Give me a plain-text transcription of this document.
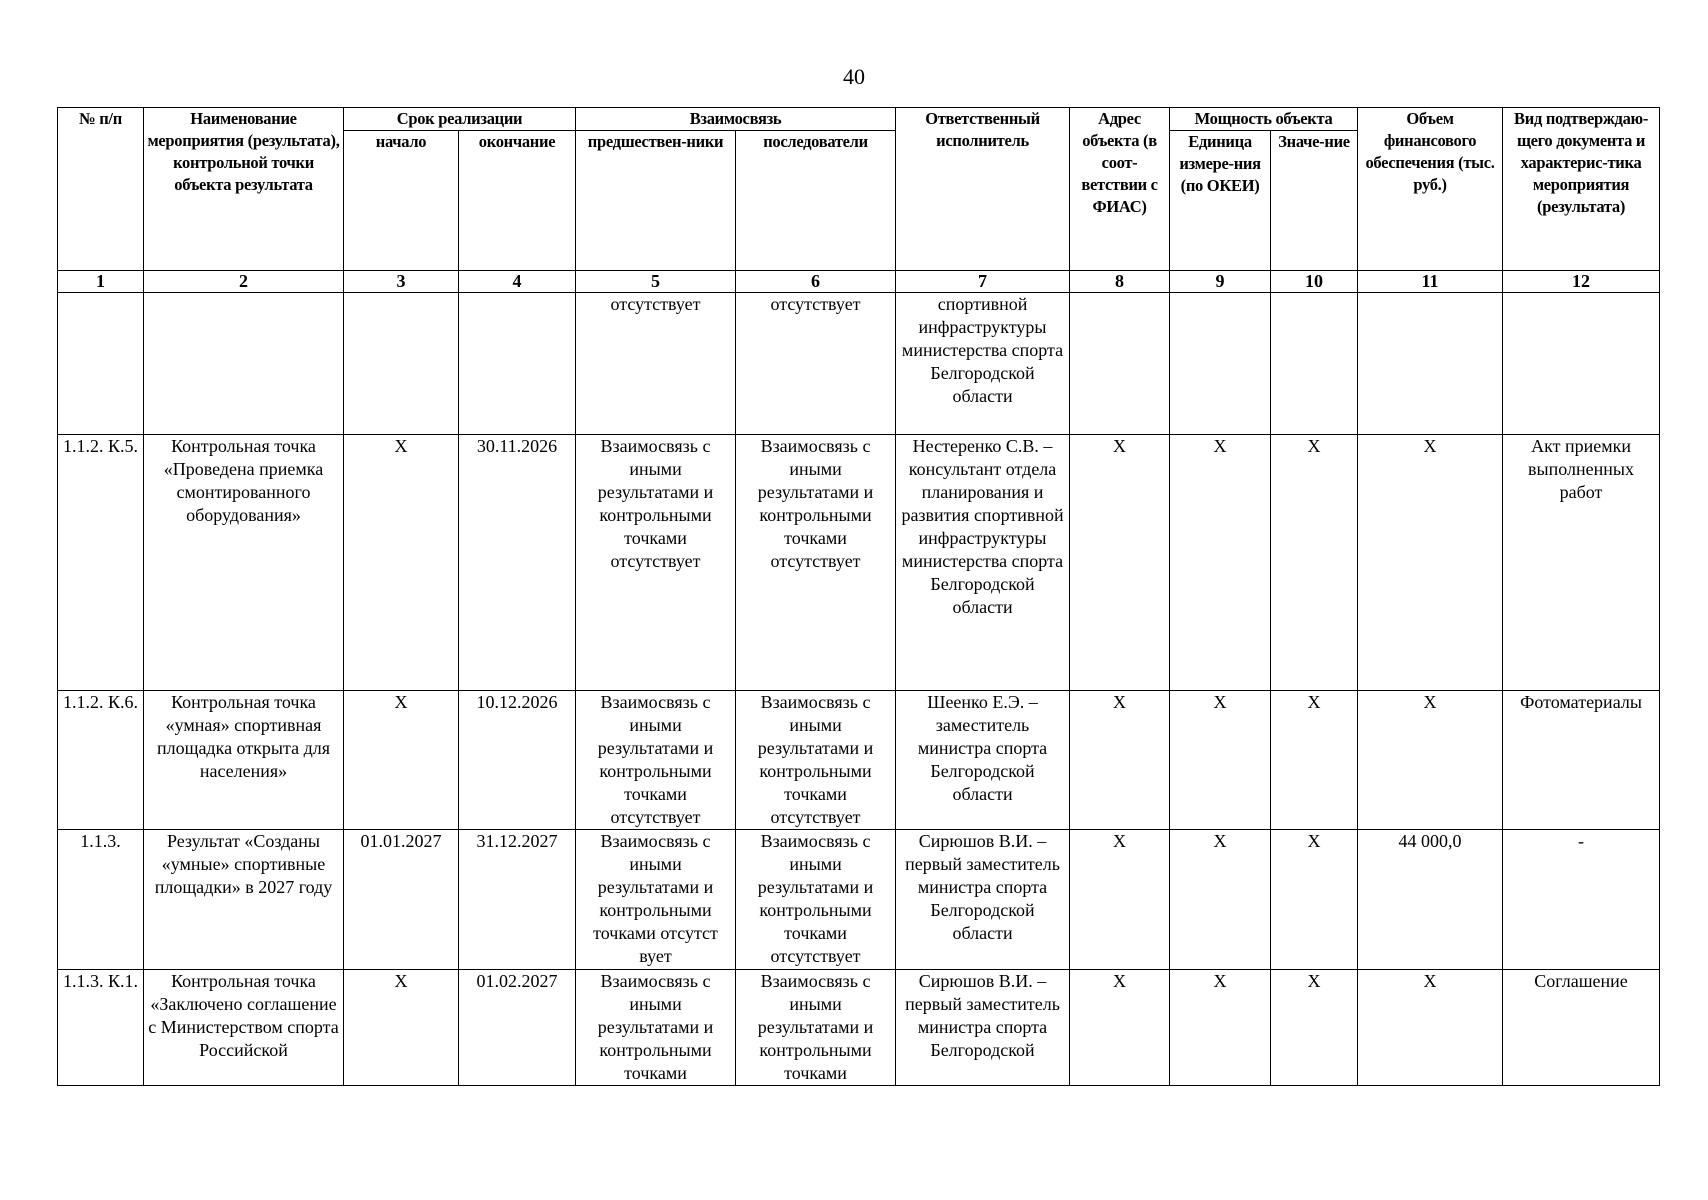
40
№ п/п	Наименование мероприятия (результата), контрольной точки объекта результата	Срок реализации		Взаимосвязь		Ответственный исполнитель	Адрес объекта (в соот-ветствии с ФИАС)	Мощность объекта		Объем финансового обеспечения (тыс. руб.)	Вид подтверждаю-щего документа и характерис-тика мероприятия (результата)
		начало	окончание	предшествен-ники	последователи			Единица измере-ния (по ОКЕИ)	Значе-ние		
1	2	3	4	5	6	7	8	9	10	11	12
				отсутствует	отсутствует	спортивной инфраструктуры министерства спорта Белгородской области					
1.1.2. К.5.	Контрольная точка «Проведена приемка смонтированного оборудования»	Х	30.11.2026	Взаимосвязь с иными результатами и контрольными точками отсутствует	Взаимосвязь с иными результатами и контрольными точками отсутствует	Нестеренко С.В. – консультант отдела планирования и развития спортивной инфраструктуры министерства спорта Белгородской области	Х	Х	Х	Х	Акт приемки выполненных работ
1.1.2. К.6.	Контрольная точка «умная» спортивная площадка открыта для населения»	Х	10.12.2026	Взаимосвязь с иными результатами и контрольными точками отсутствует	Взаимосвязь с иными результатами и контрольными точками отсутствует	Шеенко Е.Э. – заместитель министра спорта Белгородской области	Х	Х	Х	Х	Фотоматериалы
1.1.3.	Результат «Созданы «умные» спортивные площадки» в 2027 году	01.01.2027	31.12.2027	Взаимосвязь с иными результатами и контрольными точками отсутст вует	Взаимосвязь с иными результатами и контрольными точками отсутствует	Сирюшов В.И. – первый заместитель министра спорта Белгородской области	Х	Х	Х	44 000,0	-
1.1.3. К.1.	Контрольная точка «Заключено соглашение с Министерством спорта Российской	Х	01.02.2027	Взаимосвязь с иными результатами и контрольными точками	Взаимосвязь с иными результатами и контрольными точками	Сирюшов В.И. – первый заместитель министра спорта Белгородской	Х	Х	Х	Х	Соглашение
